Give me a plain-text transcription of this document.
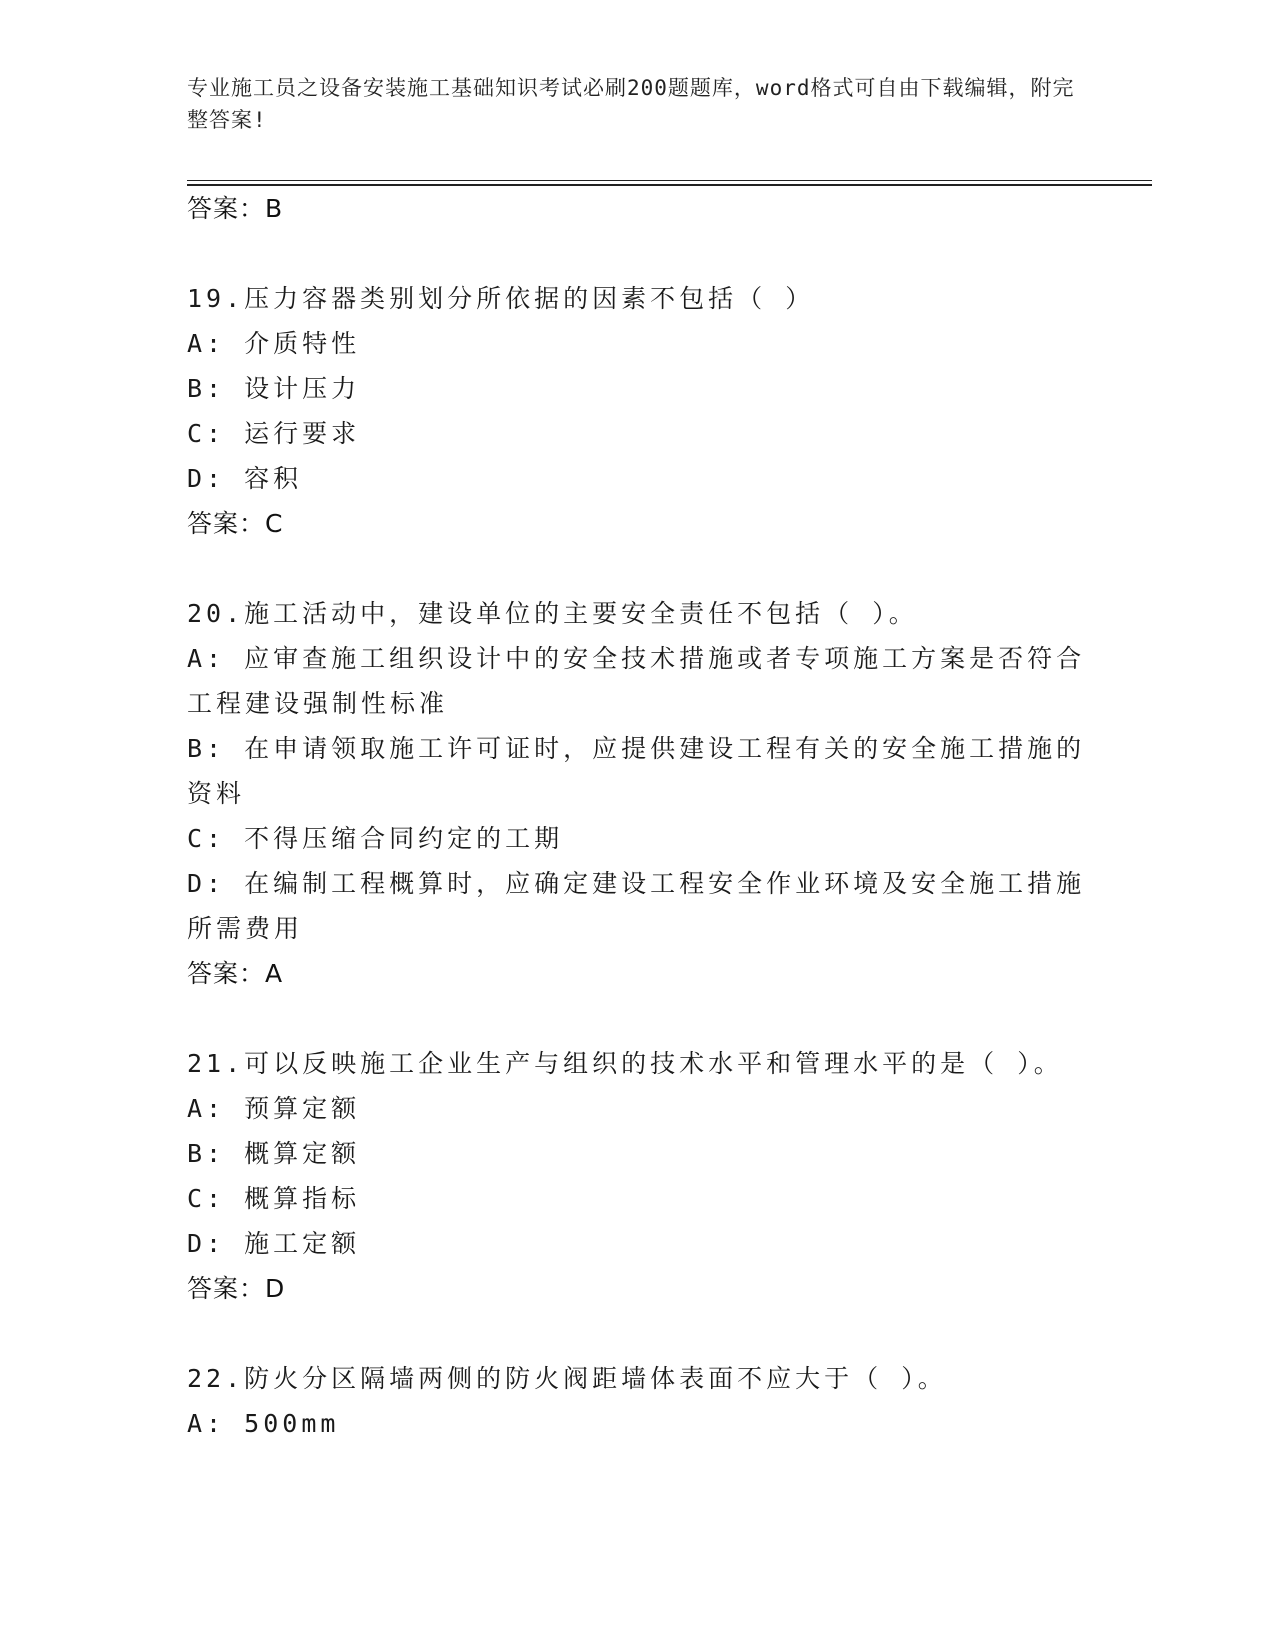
专业施工员之设备安装施工基础知识考试必刷200题题库，word格式可自由下载编辑，附完整答案!
答案：B
19.压力容器类别划分所依据的因素不包括（ ）
A: 介质特性
B: 设计压力
C: 运行要求
D: 容积
答案：C
20.施工活动中，建设单位的主要安全责任不包括（ ）。
A: 应审查施工组织设计中的安全技术措施或者专项施工方案是否符合工程建设强制性标准
B: 在申请领取施工许可证时，应提供建设工程有关的安全施工措施的资料
C: 不得压缩合同约定的工期
D: 在编制工程概算时，应确定建设工程安全作业环境及安全施工措施所需费用
答案：A
21.可以反映施工企业生产与组织的技术水平和管理水平的是（ ）。
A: 预算定额
B: 概算定额
C: 概算指标
D: 施工定额
答案：D
22.防火分区隔墙两侧的防火阀距墙体表面不应大于（ ）。
A: 500mm
